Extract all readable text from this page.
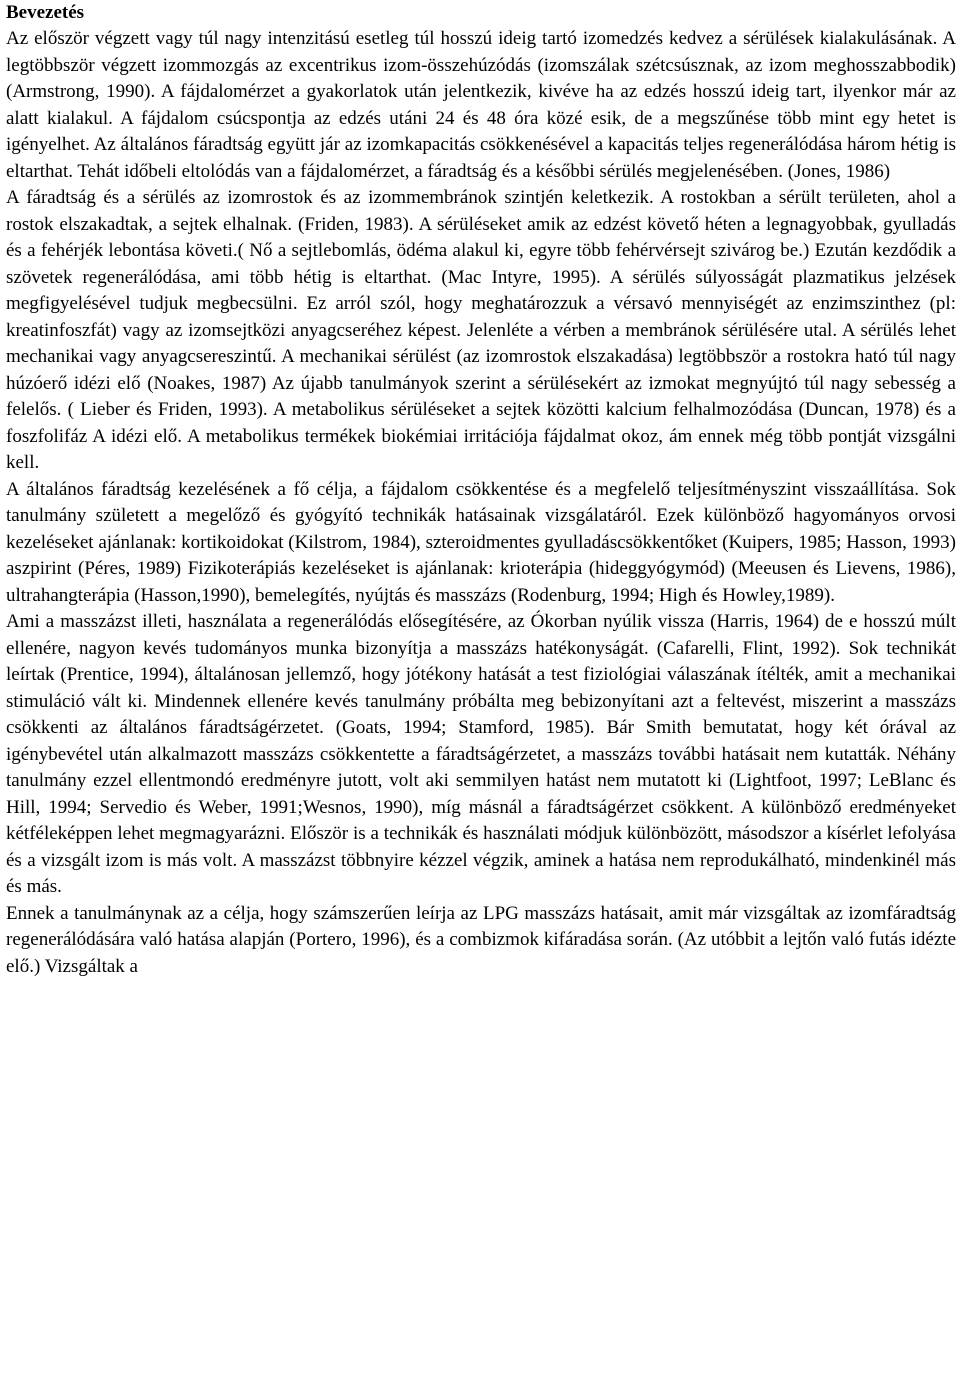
Bevezetés

Az először végzett vagy túl nagy intenzitású esetleg túl hosszú ideig tartó izomedzés kedvez a sérülések kialakulásának. A legtöbbször végzett izommozgás az excentrikus izom-összehúzódás (izomszálak szétcsúsznak, az izom meghosszabbodik) (Armstrong, 1990). A fájdalomérzet a gyakorlatok után jelentkezik, kivéve ha az edzés hosszú ideig tart, ilyenkor már az alatt kialakul. A fájdalom csúcspontja az edzés utáni 24 és 48 óra közé esik, de a megszűnése több mint egy hetet is igényelhet. Az általános fáradtság együtt jár az izomkapacitás csökkenésével a kapacitás teljes regenerálódása három hétig is eltarthat. Tehát időbeli eltolódás van a fájdalomérzet, a fáradtság és a későbbi sérülés megjelenésében. (Jones, 1986)

A fáradtság és a sérülés az izomrostok és az izommembránok szintjén keletkezik. A rostokban a sérült területen, ahol a rostok elszakadtak, a sejtek elhalnak. (Friden, 1983). A sérüléseket amik az edzést követő héten a legnagyobbak, gyulladás és a fehérjék lebontása követi.( Nő a sejtlebomlás, ödéma alakul ki, egyre több fehérvérsejt szivárog be.) Ezután kezdődik a szövetek regenerálódása, ami több hétig is eltarthat. (Mac Intyre, 1995). A sérülés súlyosságát plazmatikus jelzések megfigyelésével tudjuk megbecsülni. Ez arról szól, hogy meghatározzuk a vérsavó mennyiségét az enzimszinthez (pl: kreatinfoszfát) vagy az izomsejtközi anyagcseréhez képest. Jelenléte a vérben a membránok sérülésére utal. A sérülés lehet mechanikai vagy anyagcsereszintű. A mechanikai sérülést (az izomrostok elszakadása) legtöbbször a rostokra ható túl nagy húzóerő idézi elő (Noakes, 1987) Az újabb tanulmányok szerint a sérülésekért az izmokat megnyújtó túl nagy sebesség a felelős. ( Lieber és Friden, 1993). A metabolikus sérüléseket a sejtek közötti kalcium felhalmozódása (Duncan, 1978) és a foszfolifáz A idézi elő. A metabolikus termékek biokémiai irritációja fájdalmat okoz, ám ennek még több pontját vizsgálni kell.

A általános fáradtság kezelésének a fő célja, a fájdalom csökkentése és a megfelelő teljesítményszint visszaállítása. Sok tanulmány született a megelőző és gyógyító technikák hatásainak vizsgálatáról. Ezek különböző hagyományos orvosi kezeléseket ajánlanak: kortikoidokat (Kilstrom, 1984), szteroidmentes gyulladáscsökkentőket (Kuipers, 1985; Hasson, 1993) aszpirint (Péres, 1989) Fizikoterápiás kezeléseket is ajánlanak: krioterápia (hideggyógymód) (Meeusen és Lievens, 1986), ultrahangterápia (Hasson,1990), bemelegítés, nyújtás és masszázs (Rodenburg, 1994; High és Howley,1989).

Ami a masszázst illeti, használata a regenerálódás elősegítésére, az Ókorban nyúlik vissza (Harris, 1964) de e hosszú múlt ellenére, nagyon kevés tudományos munka bizonyítja a masszázs hatékonyságát. (Cafarelli, Flint, 1992). Sok technikát leírtak (Prentice, 1994), általánosan jellemző, hogy jótékony hatását a test fiziológiai válaszának ítélték, amit a mechanikai stimuláció vált ki. Mindennek ellenére kevés tanulmány próbálta meg bebizonyítani azt a feltevést, miszerint a masszázs csökkenti az általános fáradtságérzetet. (Goats, 1994; Stamford, 1985). Bár Smith bemutatat, hogy két órával az igénybevétel után alkalmazott masszázs csökkentette a fáradtságérzetet, a masszázs további hatásait nem kutatták. Néhány tanulmány ezzel ellentmondó eredményre jutott, volt aki semmilyen hatást nem mutatott ki (Lightfoot, 1997; LeBlanc és Hill, 1994; Servedio és Weber, 1991;Wesnos, 1990), míg másnál a fáradtságérzet csökkent. A különböző eredményeket kétféleképpen lehet megmagyarázni. Először is a technikák és használati módjuk különbözött, másodszor a kísérlet lefolyása és a vizsgált izom is más volt. A masszázst többnyire kézzel végzik, aminek a hatása nem reprodukálható, mindenkinél más és más.

Ennek a tanulmánynak az a célja, hogy számszerűen leírja az LPG masszázs hatásait, amit már vizsgáltak az izomfáradtság regenerálódására való hatása alapján (Portero, 1996), és a combizmok kifáradása során. (Az utóbbit a lejtőn való futás idézte elő.) Vizsgáltak a
